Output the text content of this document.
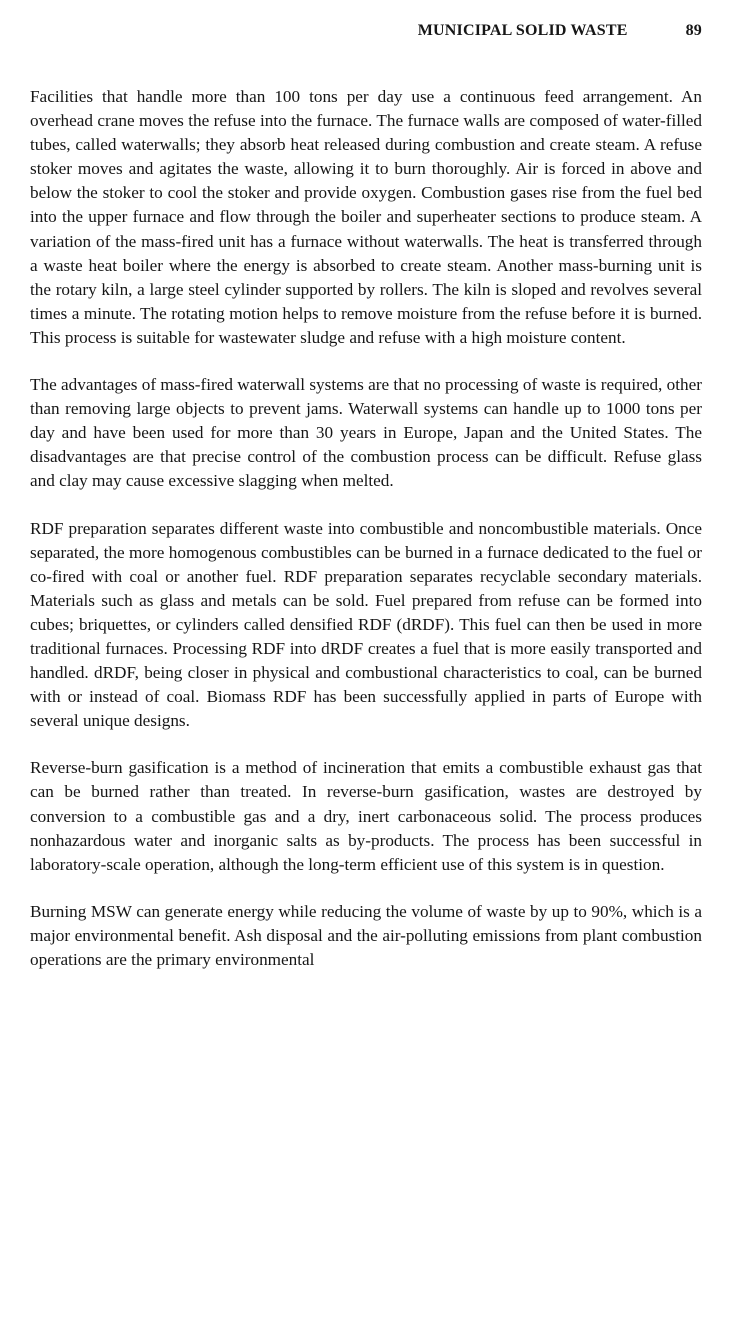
MUNICIPAL SOLID WASTE	89

Facilities that handle more than 100 tons per day use a continuous feed arrangement. An overhead crane moves the refuse into the furnace. The furnace walls are composed of water-filled tubes, called waterwalls; they absorb heat released during combustion and create steam. A refuse stoker moves and agitates the waste, allowing it to burn thoroughly. Air is forced in above and below the stoker to cool the stoker and provide oxygen. Combustion gases rise from the fuel bed into the upper furnace and flow through the boiler and superheater sections to produce steam. A variation of the mass-fired unit has a furnace without waterwalls. The heat is transferred through a waste heat boiler where the energy is absorbed to create steam. Another mass-burning unit is the rotary kiln, a large steel cylinder supported by rollers. The kiln is sloped and revolves several times a minute. The rotating motion helps to remove moisture from the refuse before it is burned. This process is suitable for wastewater sludge and refuse with a high moisture content.

The advantages of mass-fired waterwall systems are that no processing of waste is required, other than removing large objects to prevent jams. Waterwall systems can handle up to 1000 tons per day and have been used for more than 30 years in Europe, Japan and the United States. The disadvantages are that precise control of the combustion process can be difficult. Refuse glass and clay may cause excessive slagging when melted.

RDF preparation separates different waste into combustible and noncombustible materials. Once separated, the more homogenous combustibles can be burned in a furnace dedicated to the fuel or co-fired with coal or another fuel. RDF preparation separates recyclable secondary materials. Materials such as glass and metals can be sold. Fuel prepared from refuse can be formed into cubes; briquettes, or cylinders called densified RDF (dRDF). This fuel can then be used in more traditional furnaces. Processing RDF into dRDF creates a fuel that is more easily transported and handled. dRDF, being closer in physical and combustional characteristics to coal, can be burned with or instead of coal. Biomass RDF has been successfully applied in parts of Europe with several unique designs.

Reverse-burn gasification is a method of incineration that emits a combustible exhaust gas that can be burned rather than treated. In reverse-burn gasification, wastes are destroyed by conversion to a combustible gas and a dry, inert carbonaceous solid. The process produces nonhazardous water and inorganic salts as by-products. The process has been successful in laboratory-scale operation, although the long-term efficient use of this system is in question.

Burning MSW can generate energy while reducing the volume of waste by up to 90%, which is a major environmental benefit. Ash disposal and the air-polluting emissions from plant combustion operations are the primary environmental
